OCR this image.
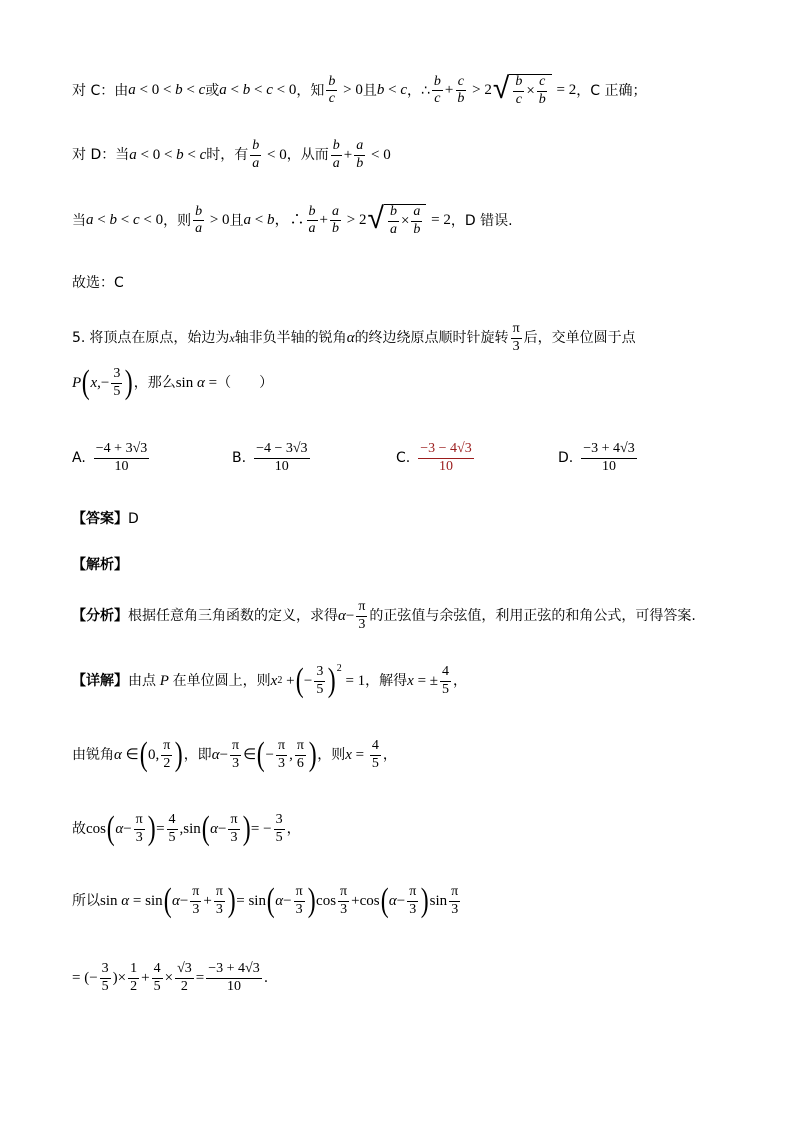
对 C：由 a < 0 < b < c 或 a < b < c < 0 ，知 $\frac{b}{c} > 0$ 且 b < c ， ∴ $\frac{b}{c} + \frac{c}{b} > 2$ √ $\frac{b}{c} \times \frac{c}{b} = 2$ ，C 正确；
对 D：当 a < 0 < b < c 时，有 $\frac{b}{a} < 0$ ，从而 $\frac{b}{a} + \frac{a}{b} < 0$
当 a < b < c < 0 ，则 $\frac{b}{a} > 0$ 且 a < b ，∴ $\frac{b}{a} + \frac{a}{b} > 2$ √ $\frac{b}{a} \times \frac{a}{b} = 2$ ，D 错误.
故选：C
5. 将顶点在原点，始边为 x 轴非负半轴的锐角 α 的终边绕原点顺时针旋转 $\frac{\pi}{3}$ 后，交单位圆于点
P ( x ,− $\frac{3}{5}$ ) ，那么 sin α = （　　）
A. $\frac{-4 + 3√3}{10}$	B. $\frac{-4 - 3√3}{10}$	C. $\frac{-3 - 4√3}{10}$	D. $\frac{-3 + 4√3}{10}$
【答案】 D
【解析】
【分析】 根据任意角三角函数的定义，求得 $\alpha - \frac{\pi}{3}$ 的正弦值与余弦值，利用正弦的和角公式，可得答案.
【详解】 由点 P 在单位圆上，则 x 2 + ( − $\frac{3}{5} )^2$
= 1 ，解得 x = ± $\frac{4}{5}$ ，
由锐角 α ∈ ( 0, $\frac{\pi}{2}$ ) ，即 $\alpha - \frac{\pi}{3}$ ∈ ( − $\frac{\pi}{3}$ , $\frac{\pi}{6}$ ) ，则 $x = \frac{4}{5}$ ，
故 cos ( $\alpha - \frac{\pi}{3}$ ) = $\frac{4}{5} ,\sin$ ( $\alpha - \frac{\pi}{3}$ ) = − $\frac{3}{5}$ ，
所以 sin α = sin ( $\alpha - \frac{\pi}{3} + \frac{\pi}{3}$ ) = sin ( $\alpha - \frac{\pi}{3}$ ) $\cos \frac{\pi}{3} +\cos$ ( $\alpha - \frac{\pi}{3}$ ) $\sin \frac{\pi}{3}$
= (− $\frac{3}{5}$ )× $\frac{1}{2} + \frac{4}{5} \times \frac{√3}{2} = \frac{-3 + 4√3}{10}$ .
